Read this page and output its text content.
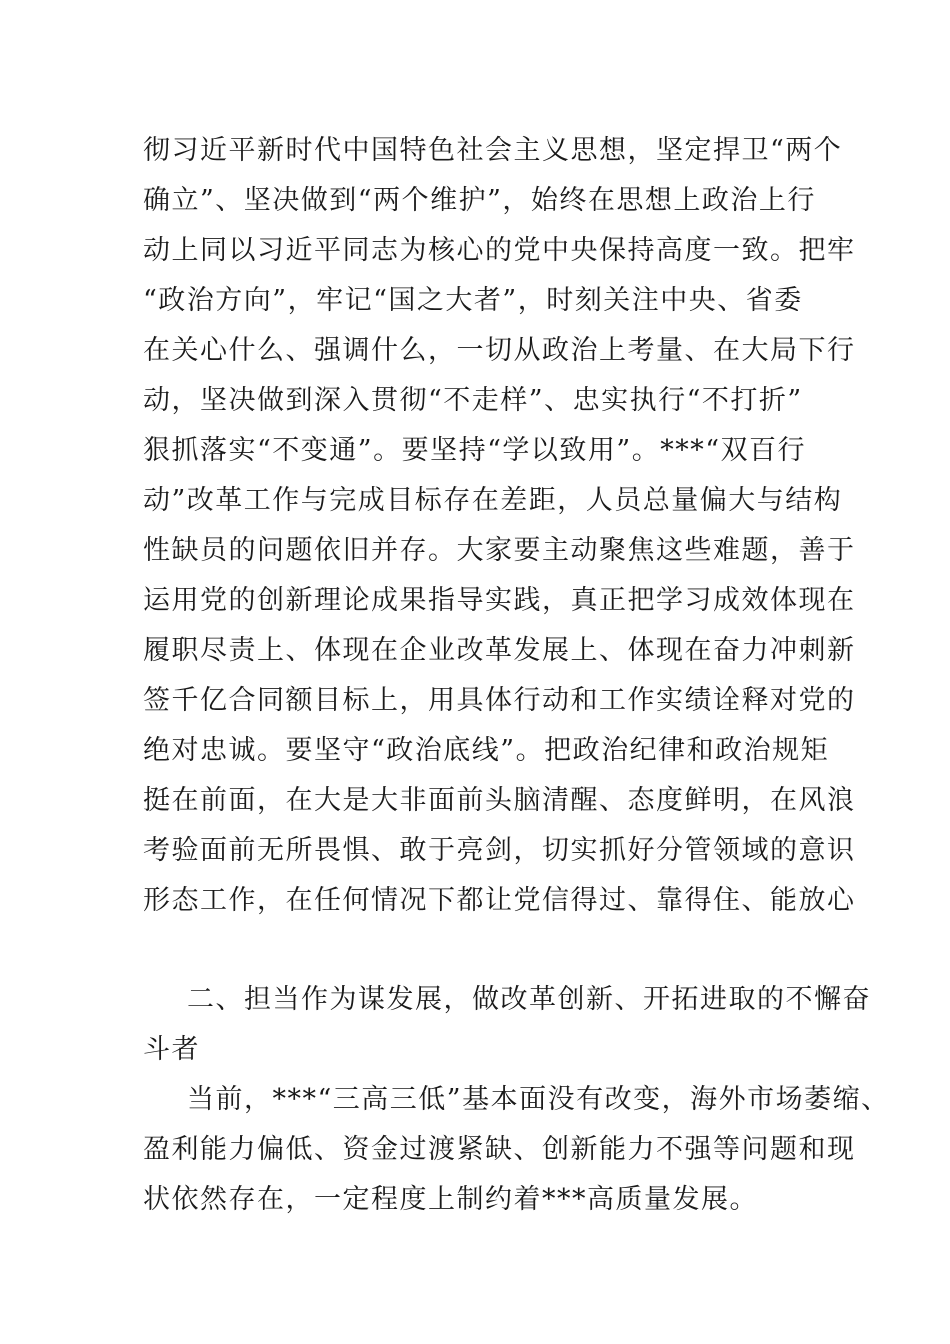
彻习近平新时代中国特色社会主义思想，坚定捍卫“两个
确立”、坚决做到“两个维护”，始终在思想上政治上行
动上同以习近平同志为核心的党中央保持高度一致。把牢
“政治方向”，牢记“国之大者”，时刻关注中央、省委
在关心什么、强调什么，一切从政治上考量、在大局下行
动，坚决做到深入贯彻“不走样”、忠实执行“不打折”
狠抓落实“不变通”。要坚持“学以致用”。***“双百行
动”改革工作与完成目标存在差距，人员总量偏大与结构
性缺员的问题依旧并存。大家要主动聚焦这些难题，善于
运用党的创新理论成果指导实践，真正把学习成效体现在
履职尽责上、体现在企业改革发展上、体现在奋力冲刺新
签千亿合同额目标上，用具体行动和工作实绩诠释对党的
绝对忠诚。要坚守“政治底线”。把政治纪律和政治规矩
挺在前面，在大是大非面前头脑清醒、态度鲜明，在风浪
考验面前无所畏惧、敢于亮剑，切实抓好分管领域的意识
形态工作，在任何情况下都让党信得过、靠得住、能放心
二、担当作为谋发展，做改革创新、开拓进取的不懈奋
斗者
当前，***“三高三低”基本面没有改变，海外市场萎缩、
盈利能力偏低、资金过渡紧缺、创新能力不强等问题和现
状依然存在，一定程度上制约着***高质量发展。
